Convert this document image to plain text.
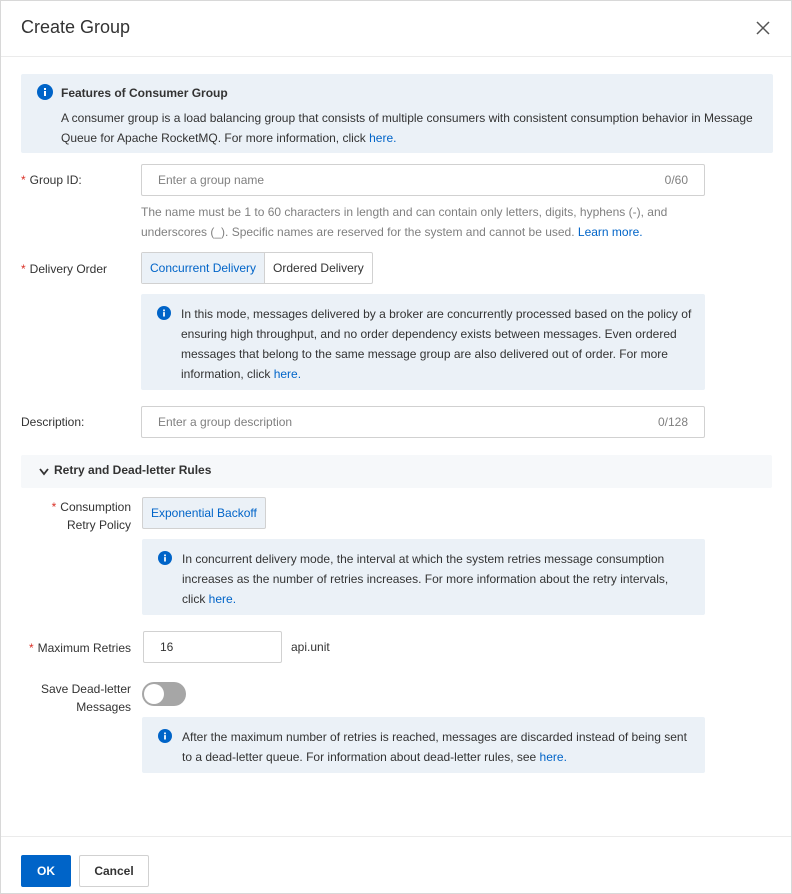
Create Group
Features of Consumer Group
A consumer group is a load balancing group that consists of multiple consumers with consistent consumption behavior in Message Queue for Apache RocketMQ. For more information, click here.
* Group ID:
Enter a group name	0/60
The name must be 1 to 60 characters in length and can contain only letters, digits, hyphens (-), and underscores (_). Specific names are reserved for the system and cannot be used. Learn more.
* Delivery Order	Concurrent Delivery	Ordered Delivery
In this mode, messages delivered by a broker are concurrently processed based on the policy of ensuring high throughput, and no order dependency exists between messages. Even ordered messages that belong to the same message group are also delivered out of order. For more information, click here.
Description:
Enter a group description	0/128
Retry and Dead-letter Rules
* Consumption
Retry Policy
Exponential Backoff
In concurrent delivery mode, the interval at which the system retries message consumption increases as the number of retries increases. For more information about the retry intervals, click here.
* Maximum Retries
16	api.unit
Save Dead-letter
Messages
After the maximum number of retries is reached, messages are discarded instead of being sent to a dead-letter queue. For information about dead-letter rules, see here.
OK	Cancel
